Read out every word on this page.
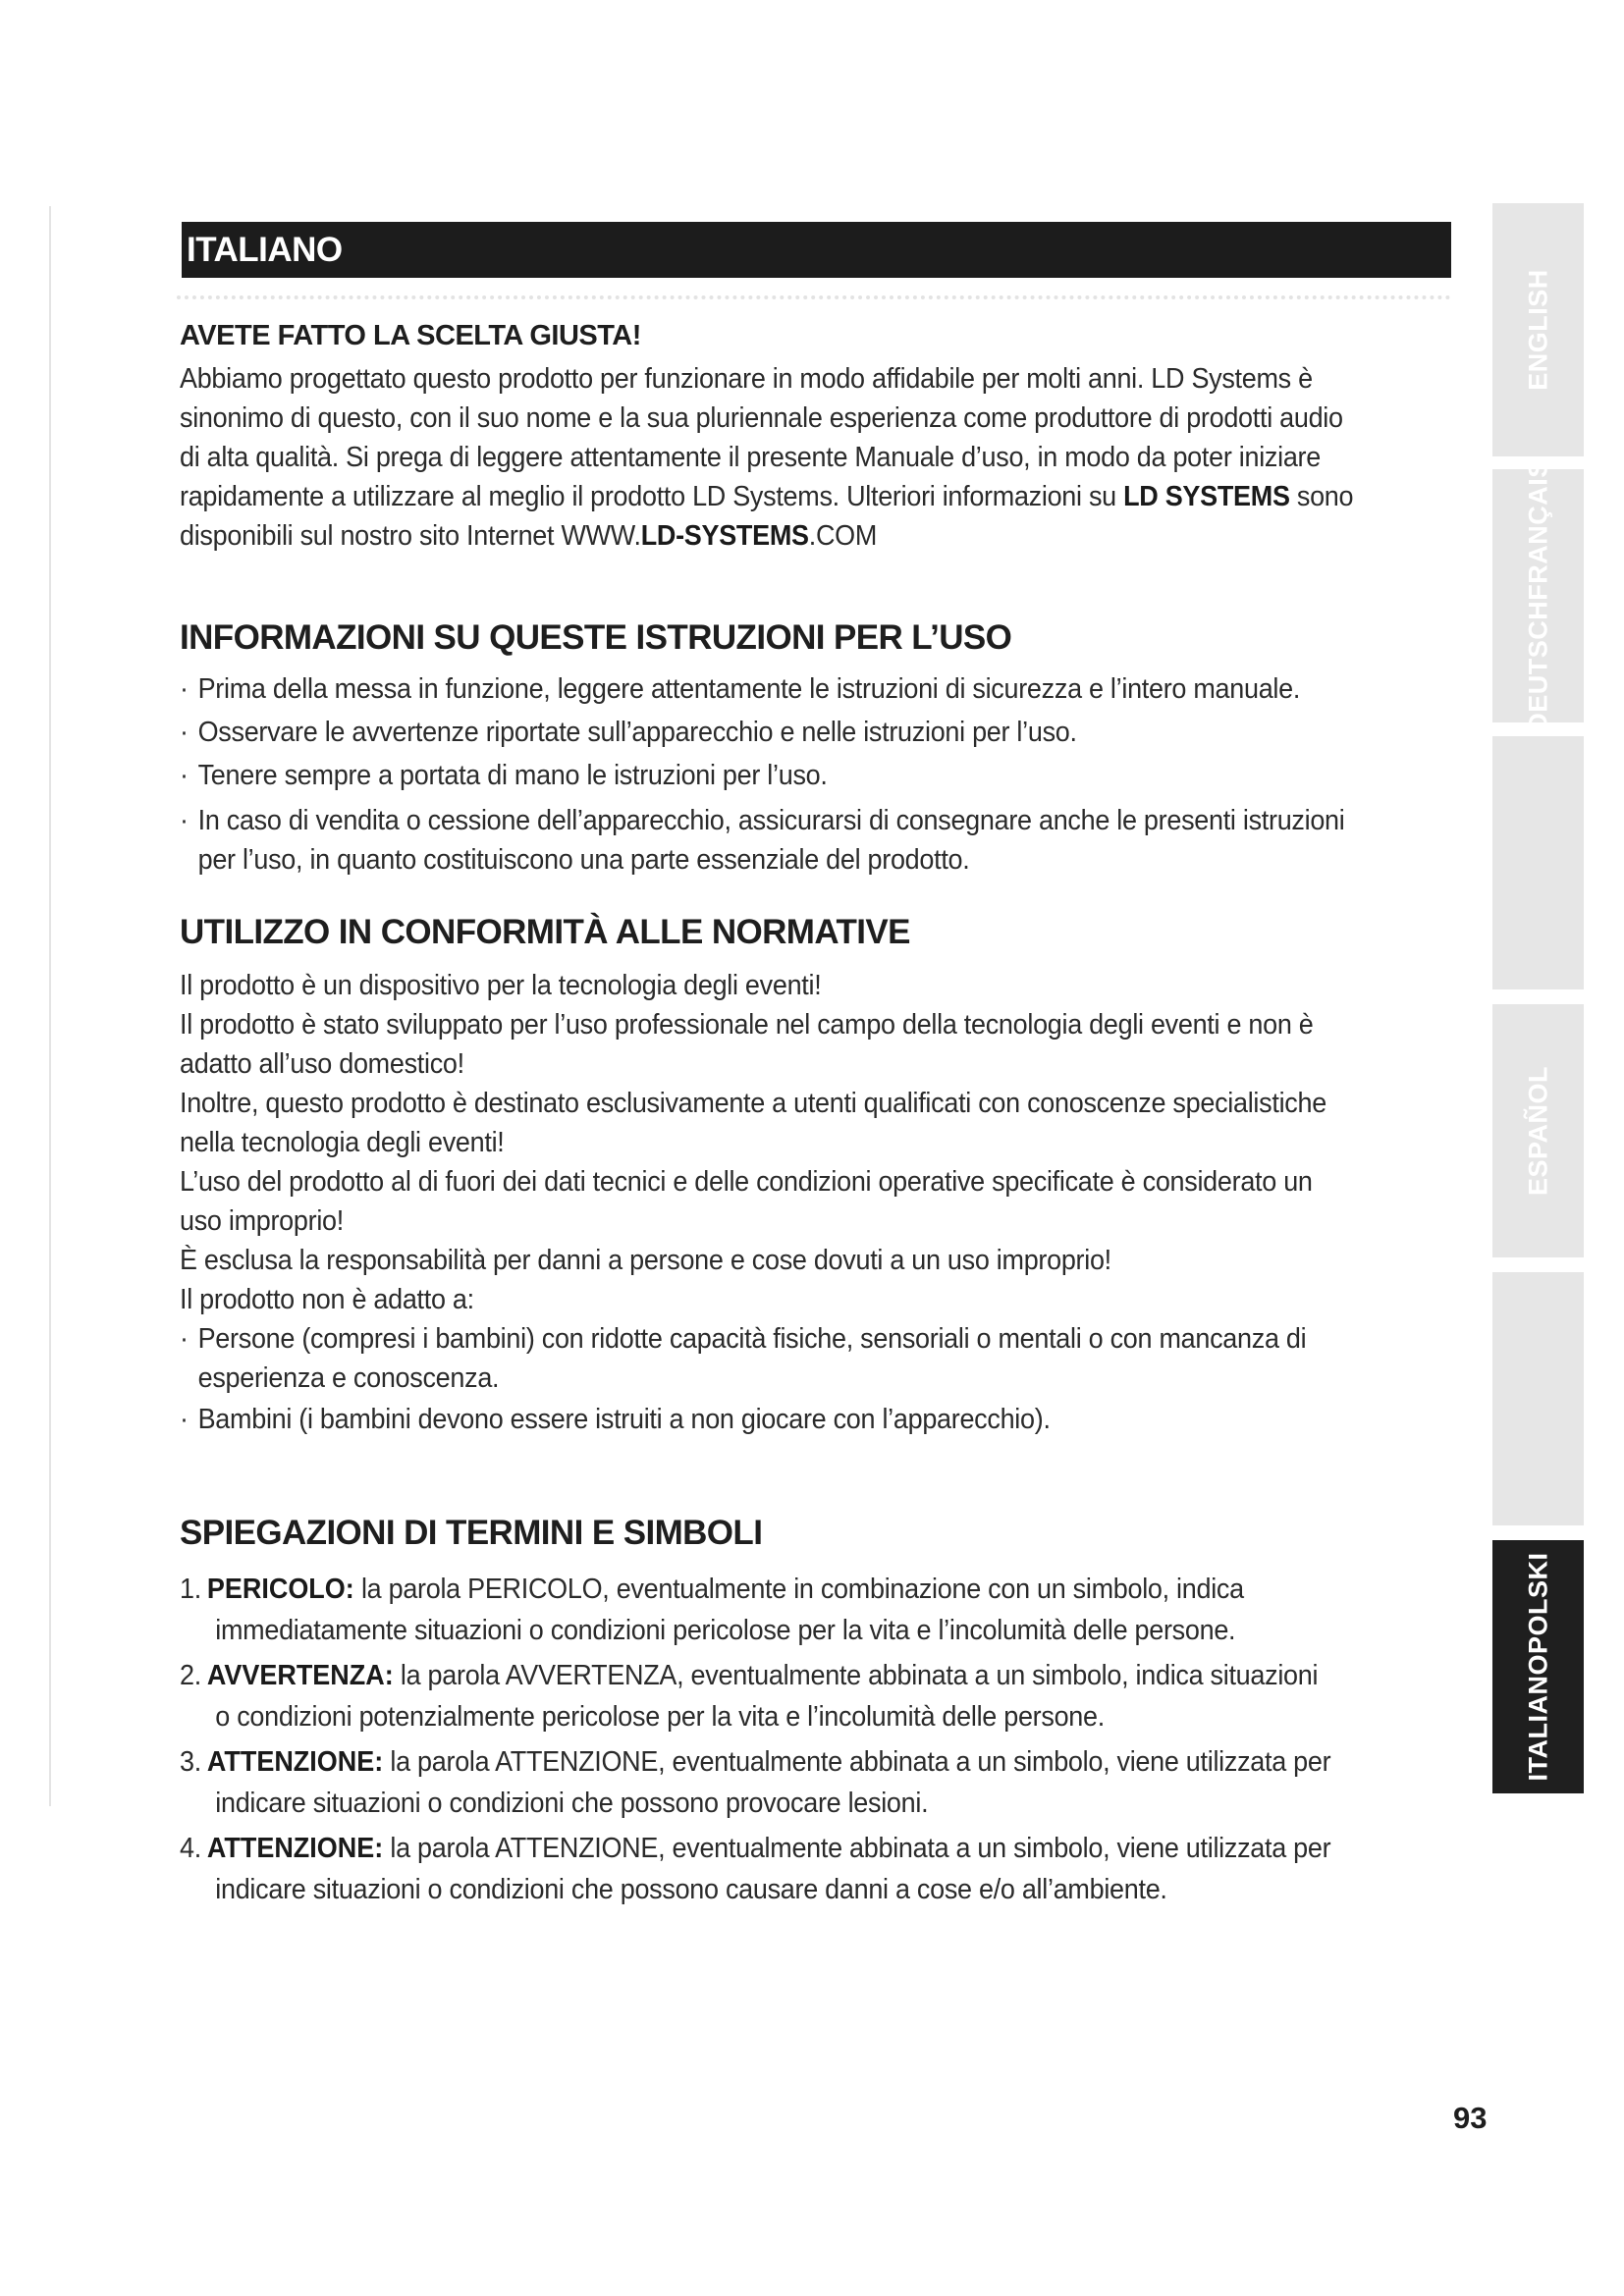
ITALIANO
AVETE FATTO LA SCELTA GIUSTA!
Abbiamo progettato questo prodotto per funzionare in modo affidabile per molti anni. LD Systems è
sinonimo di questo, con il suo nome e la sua pluriennale esperienza come produttore di prodotti audio
di alta qualità. Si prega di leggere attentamente il presente Manuale d’uso, in modo da poter iniziare
rapidamente a utilizzare al meglio il prodotto LD Systems. Ulteriori informazioni su LD SYSTEMS sono
disponibili sul nostro sito Internet WWW.LD-SYSTEMS.COM
INFORMAZIONI SU QUESTE ISTRUZIONI PER L’USO
· Prima della messa in funzione, leggere attentamente le istruzioni di sicurezza e l’intero manuale.
· Osservare le avvertenze riportate sull’apparecchio e nelle istruzioni per l’uso.
· Tenere sempre a portata di mano le istruzioni per l’uso.
· In caso di vendita o cessione dell’apparecchio, assicurarsi di consegnare anche le presenti istruzioni
per l’uso, in quanto costituiscono una parte essenziale del prodotto.
UTILIZZO IN CONFORMITÀ ALLE NORMATIVE
Il prodotto è un dispositivo per la tecnologia degli eventi!
Il prodotto è stato sviluppato per l’uso professionale nel campo della tecnologia degli eventi e non è
adatto all’uso domestico!
Inoltre, questo prodotto è destinato esclusivamente a utenti qualificati con conoscenze specialistiche
nella tecnologia degli eventi!
L’uso del prodotto al di fuori dei dati tecnici e delle condizioni operative specificate è considerato un
uso improprio!
È esclusa la responsabilità per danni a persone e cose dovuti a un uso improprio!
Il prodotto non è adatto a:
· Persone (compresi i bambini) con ridotte capacità fisiche, sensoriali o mentali o con mancanza di
esperienza e conoscenza.
· Bambini (i bambini devono essere istruiti a non giocare con l’apparecchio).
SPIEGAZIONI DI TERMINI E SIMBOLI
1. PERICOLO: la parola PERICOLO, eventualmente in combinazione con un simbolo, indica
immediatamente situazioni o condizioni pericolose per la vita e l’incolumità delle persone.
2. AVVERTENZA: la parola AVVERTENZA, eventualmente abbinata a un simbolo, indica situazioni
o condizioni potenzialmente pericolose per la vita e l’incolumità delle persone.
3. ATTENZIONE: la parola ATTENZIONE, eventualmente abbinata a un simbolo, viene utilizzata per
indicare situazioni o condizioni che possono provocare lesioni.
4. ATTENZIONE: la parola ATTENZIONE, eventualmente abbinata a un simbolo, viene utilizzata per
indicare situazioni o condizioni che possono causare danni a cose e/o all’ambiente.
93
ENGLISH
DEUTSCHFRANÇAIS
ESPAÑOL
ITALIANOPOLSKI
